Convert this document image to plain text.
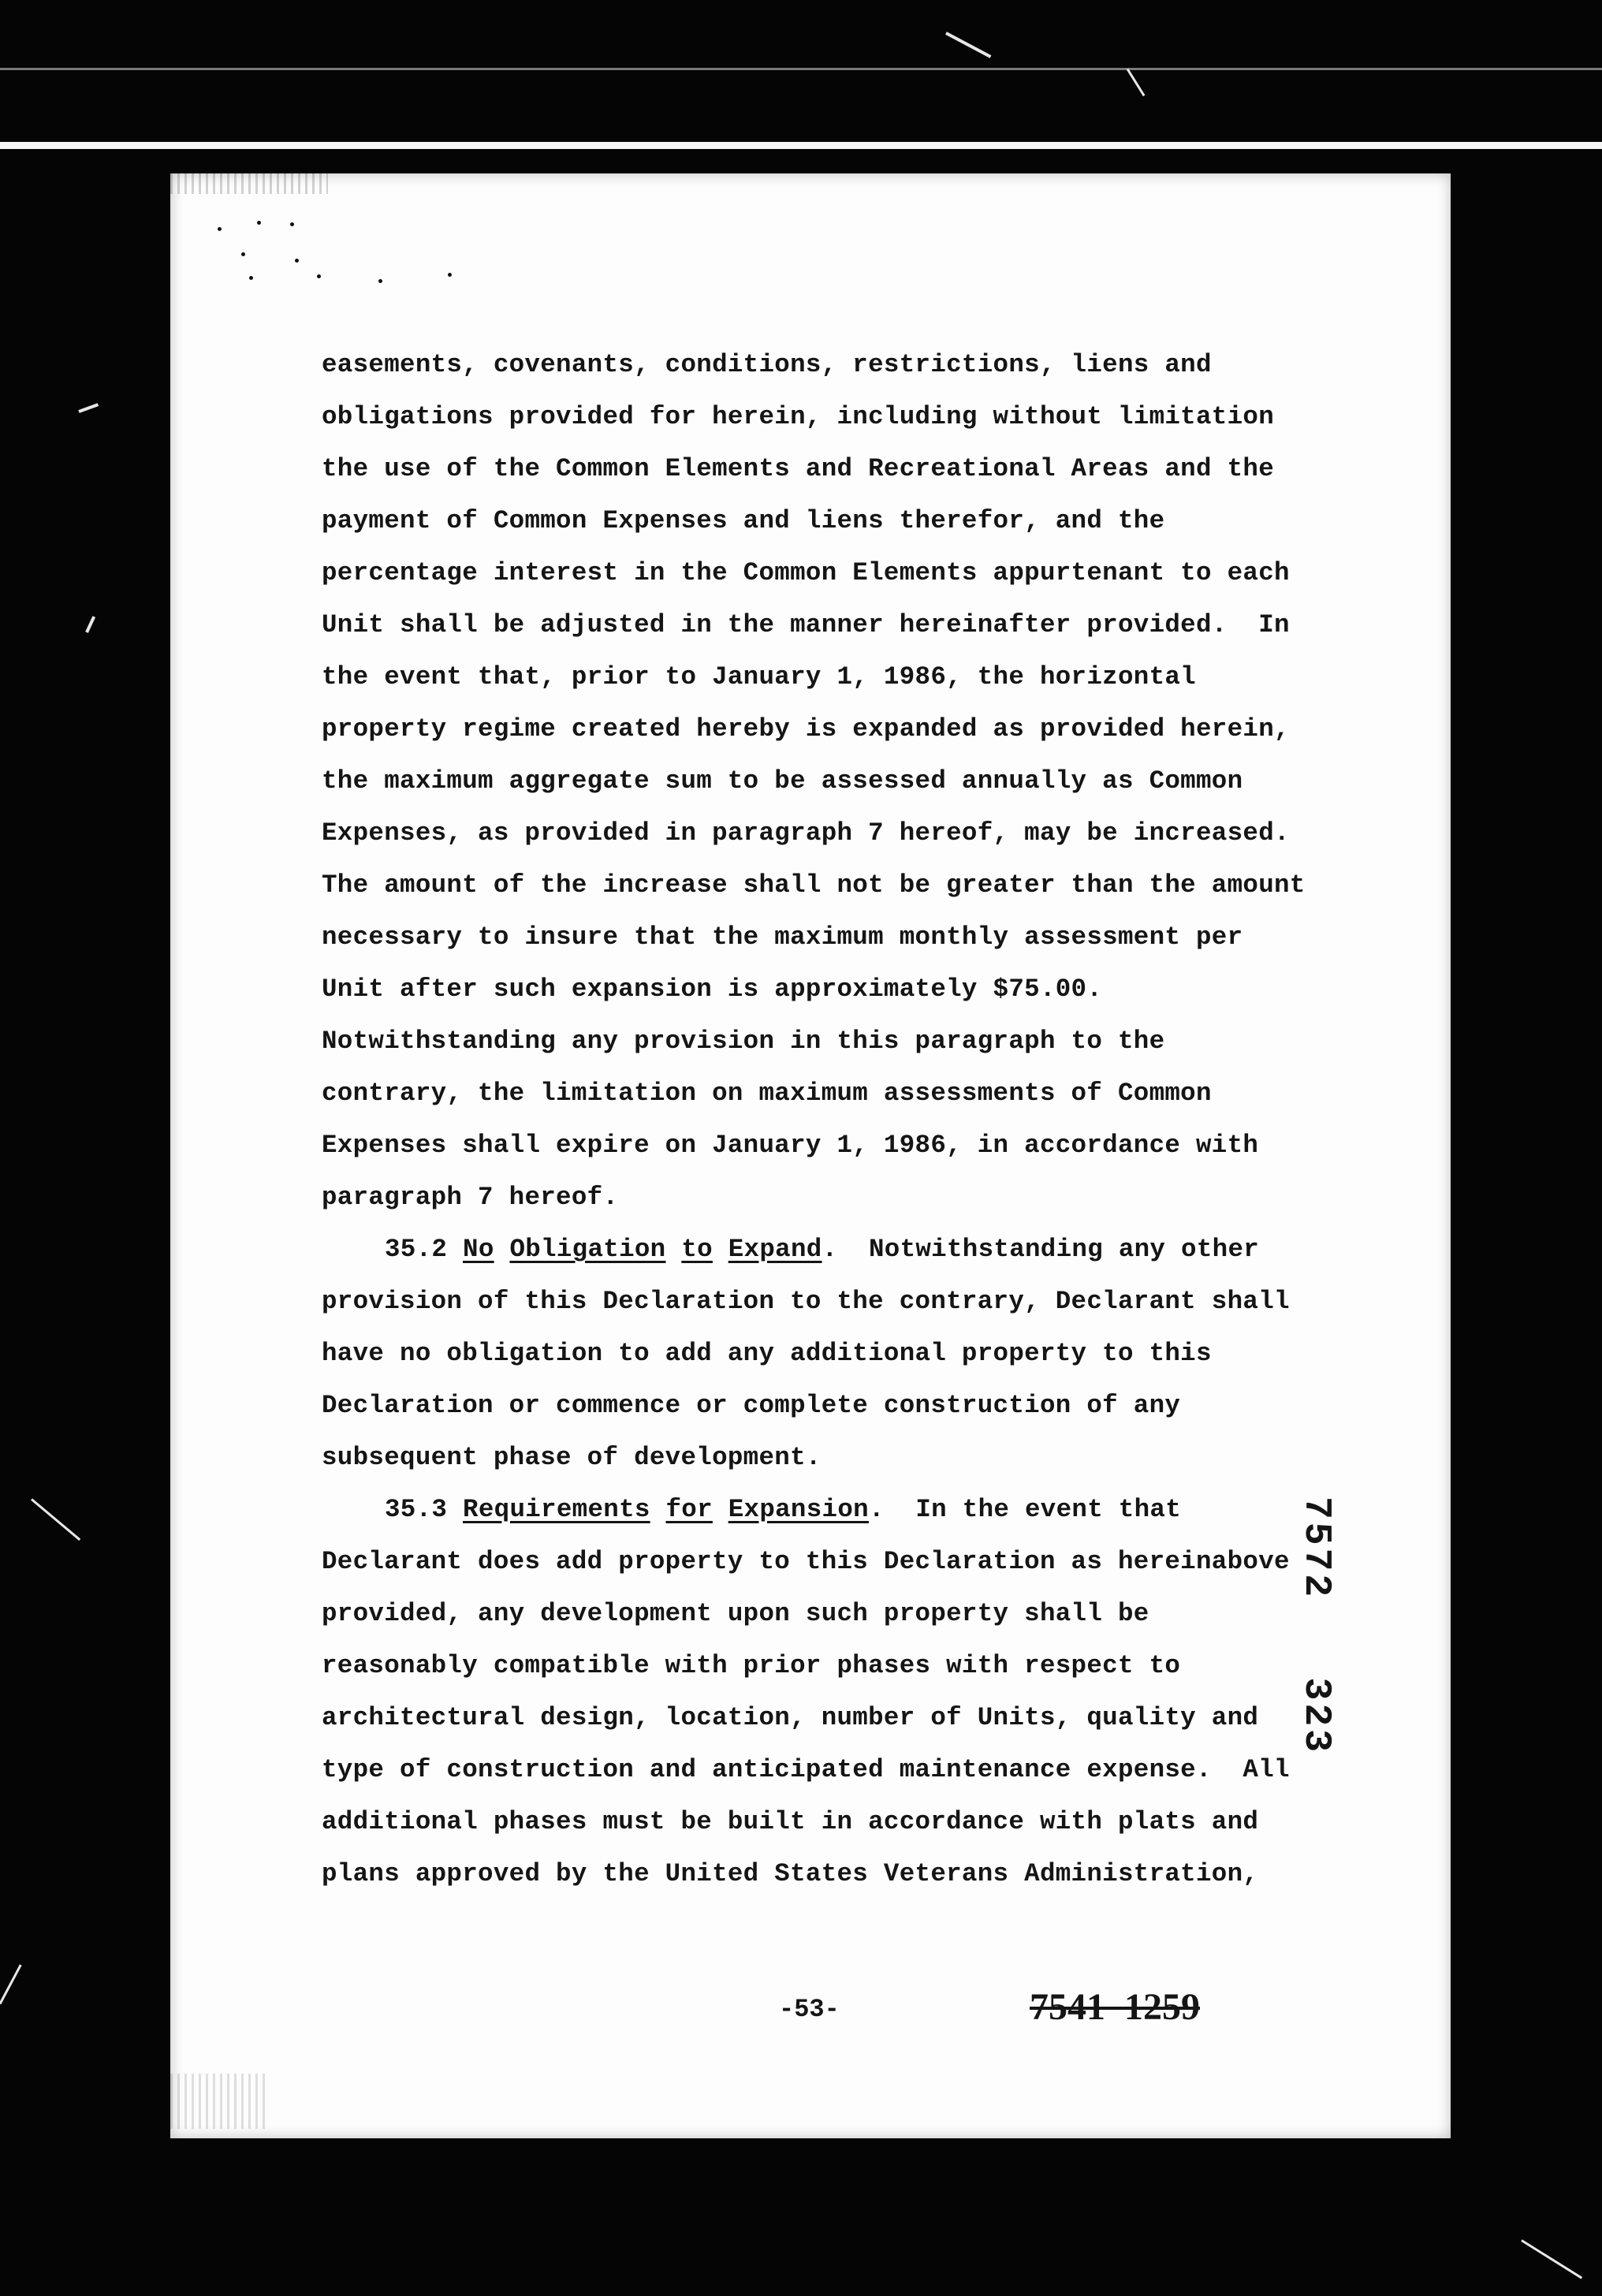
easements, covenants, conditions, restrictions, liens and
obligations provided for herein, including without limitation
the use of the Common Elements and Recreational Areas and the
payment of Common Expenses and liens therefor, and the
percentage interest in the Common Elements appurtenant to each
Unit shall be adjusted in the manner hereinafter provided.  In
the event that, prior to January 1, 1986, the horizontal
property regime created hereby is expanded as provided herein,
the maximum aggregate sum to be assessed annually as Common
Expenses, as provided in paragraph 7 hereof, may be increased.
The amount of the increase shall not be greater than the amount
necessary to insure that the maximum monthly assessment per
Unit after such expansion is approximately $75.00.
Notwithstanding any provision in this paragraph to the
contrary, the limitation on maximum assessments of Common
Expenses shall expire on January 1, 1986, in accordance with
paragraph 7 hereof.
35.2 No Obligation to Expand.  Notwithstanding any other
provision of this Declaration to the contrary, Declarant shall
have no obligation to add any additional property to this
Declaration or commence or complete construction of any
subsequent phase of development.
35.3 Requirements for Expansion.  In the event that
Declarant does add property to this Declaration as hereinabove
provided, any development upon such property shall be
reasonably compatible with prior phases with respect to
architectural design, location, number of Units, quality and
type of construction and anticipated maintenance expense.  All
additional phases must be built in accordance with plats and
plans approved by the United States Veterans Administration,
7572   323
-53-	7541  1259
